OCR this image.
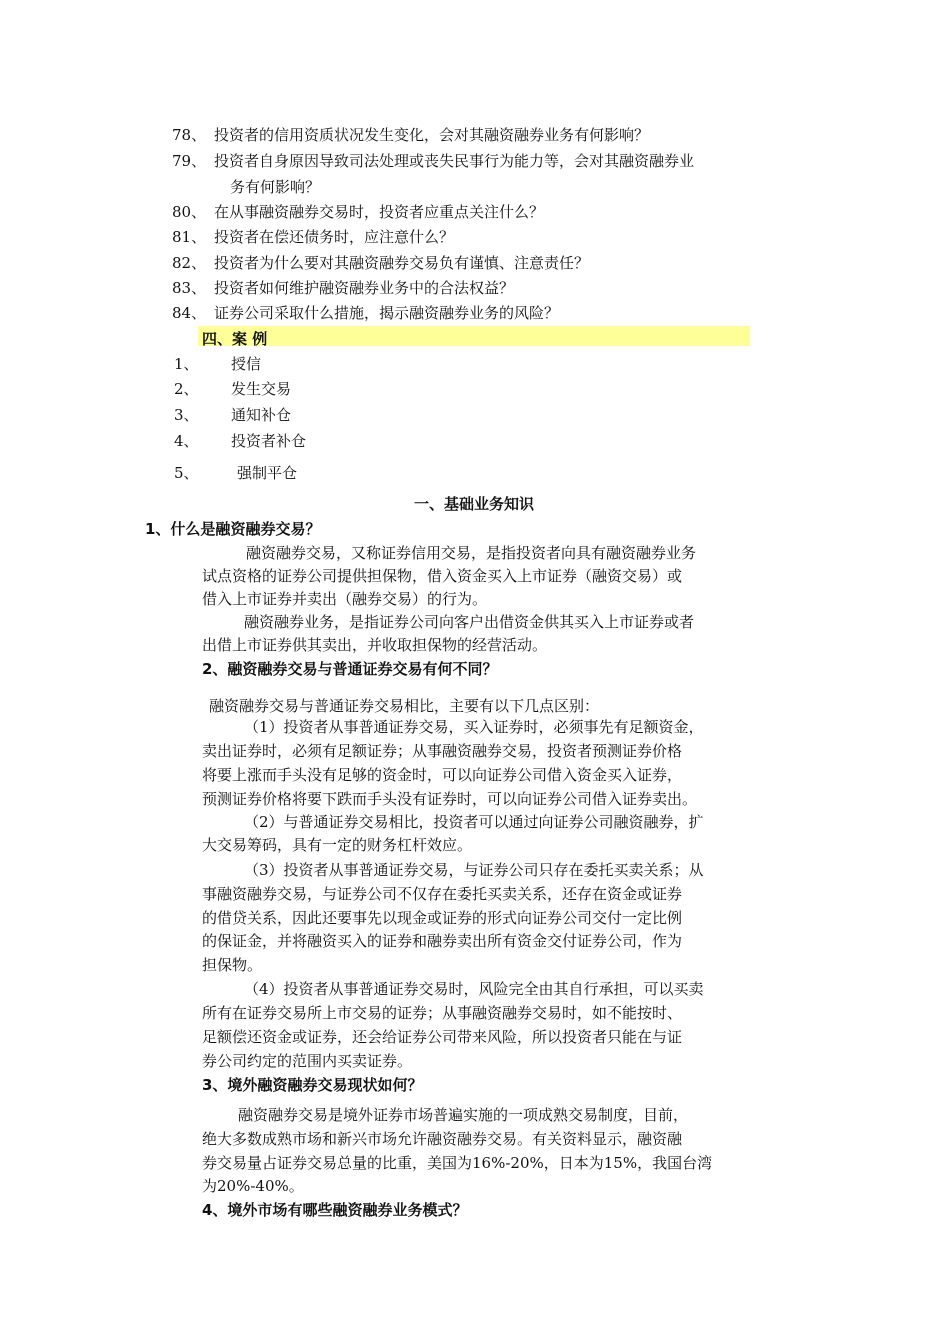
78、 投资者的信用资质状况发生变化，会对其融资融券业务有何影响？
79、 投资者自身原因导致司法处理或丧失民事行为能力等，会对其融资融券业
务有何影响？
80、 在从事融资融券交易时，投资者应重点关注什么？
81、 投资者在偿还债务时，应注意什么？
82、 投资者为什么要对其融资融券交易负有谨慎、注意责任？
83、 投资者如何维护融资融券业务中的合法权益？
84、 证券公司采取什么措施，揭示融资融券业务的风险？
四、案 例
1、 授信
2、 发生交易
3、 通知补仓
4、 投资者补仓
5、	强制平仓
一、基础业务知识
1、什么是融资融券交易？
融资融券交易，又称证券信用交易，是指投资者向具有融资融券业务
试点资格的证券公司提供担保物，借入资金买入上市证券（融资交易）或
借入上市证券并卖出（融券交易）的行为。
融资融券业务，是指证券公司向客户出借资金供其买入上市证券或者
出借上市证券供其卖出，并收取担保物的经营活动。
2、融资融券交易与普通证券交易有何不同？
融资融券交易与普通证券交易相比，主要有以下几点区别：
（1）投资者从事普通证券交易，买入证券时，必须事先有足额资金，
卖出证券时，必须有足额证券；从事融资融券交易，投资者预测证券价格
将要上涨而手头没有足够的资金时，可以向证券公司借入资金买入证券，
预测证券价格将要下跌而手头没有证券时，可以向证券公司借入证券卖出。
（2）与普通证券交易相比，投资者可以通过向证券公司融资融券，扩
大交易筹码，具有一定的财务杠杆效应。
（3）投资者从事普通证券交易，与证券公司只存在委托买卖关系；从
事融资融券交易，与证券公司不仅存在委托买卖关系，还存在资金或证券
的借贷关系，因此还要事先以现金或证券的形式向证券公司交付一定比例
的保证金，并将融资买入的证券和融券卖出所有资金交付证券公司，作为
担保物。
（4）投资者从事普通证券交易时，风险完全由其自行承担，可以买卖
所有在证券交易所上市交易的证券；从事融资融券交易时，如不能按时、
足额偿还资金或证券，还会给证券公司带来风险，所以投资者只能在与证
券公司约定的范围内买卖证券。
3、境外融资融券交易现状如何？
融资融券交易是境外证券市场普遍实施的一项成熟交易制度，目前，
绝大多数成熟市场和新兴市场允许融资融券交易。有关资料显示，融资融
券交易量占证券交易总量的比重，美国为16%-20%，日本为15%，我国台湾
为20%-40%。
4、境外市场有哪些融资融券业务模式？
